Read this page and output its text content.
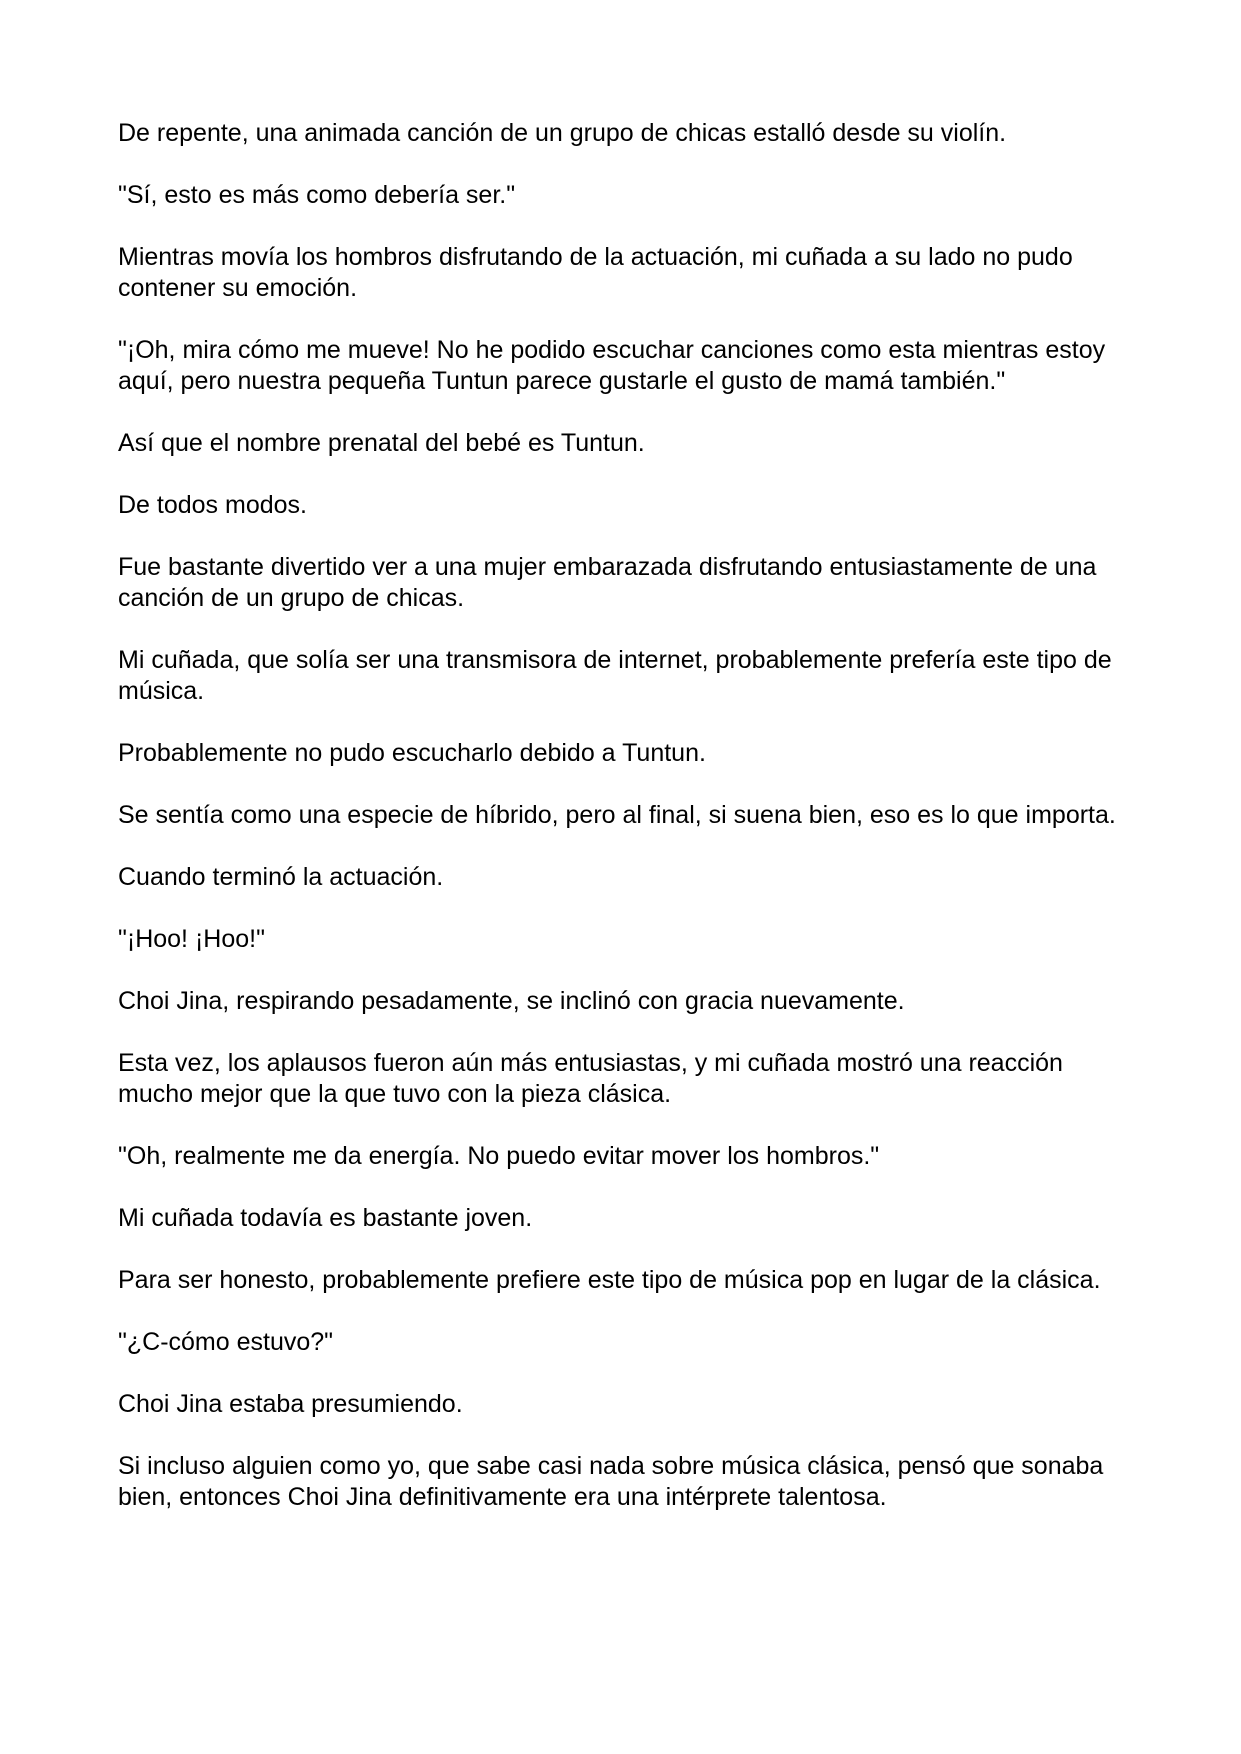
De repente, una animada canción de un grupo de chicas estalló desde su violín.

"Sí, esto es más como debería ser."

Mientras movía los hombros disfrutando de la actuación, mi cuñada a su lado no pudo contener su emoción.

"¡Oh, mira cómo me mueve! No he podido escuchar canciones como esta mientras estoy aquí, pero nuestra pequeña Tuntun parece gustarle el gusto de mamá también."

Así que el nombre prenatal del bebé es Tuntun.

De todos modos.

Fue bastante divertido ver a una mujer embarazada disfrutando entusiastamente de una canción de un grupo de chicas.

Mi cuñada, que solía ser una transmisora de internet, probablemente prefería este tipo de música.

Probablemente no pudo escucharlo debido a Tuntun.

Se sentía como una especie de híbrido, pero al final, si suena bien, eso es lo que importa.

Cuando terminó la actuación.

"¡Hoo! ¡Hoo!"

Choi Jina, respirando pesadamente, se inclinó con gracia nuevamente.

Esta vez, los aplausos fueron aún más entusiastas, y mi cuñada mostró una reacción mucho mejor que la que tuvo con la pieza clásica.

"Oh, realmente me da energía. No puedo evitar mover los hombros."

Mi cuñada todavía es bastante joven.

Para ser honesto, probablemente prefiere este tipo de música pop en lugar de la clásica.

"¿C-cómo estuvo?"

Choi Jina estaba presumiendo.

Si incluso alguien como yo, que sabe casi nada sobre música clásica, pensó que sonaba bien, entonces Choi Jina definitivamente era una intérprete talentosa.
